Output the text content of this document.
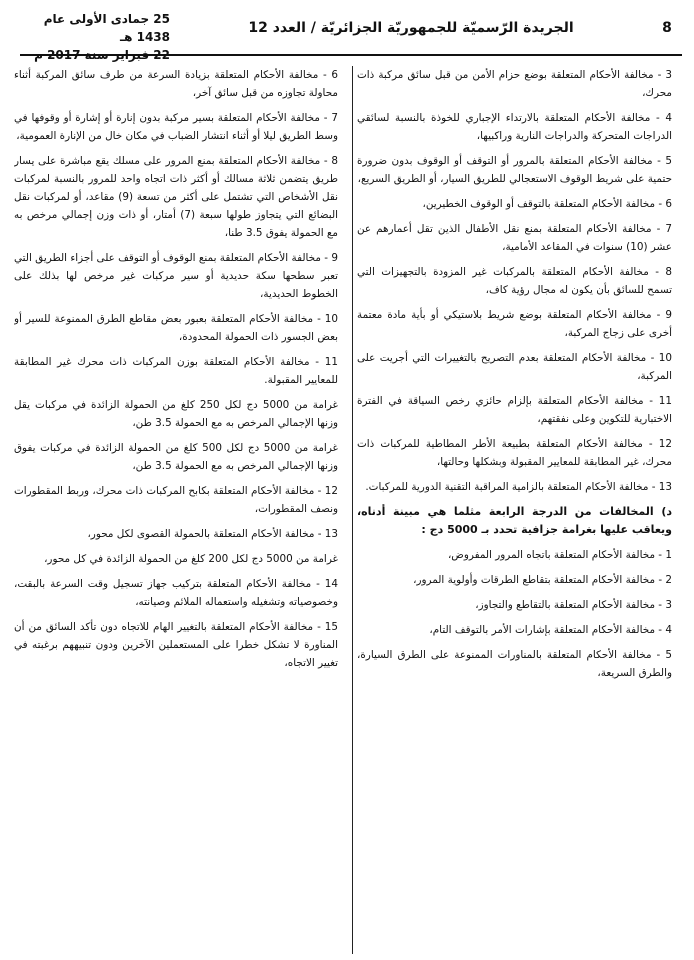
8
الجريدة الرّسميّة للجمهوريّة الجزائريّة / العدد 12
25 جمادى الأولى عام 1438 هـ
22 فبراير سنة 2017 م

3 - مخالفة الأحكام المتعلقة بوضع حزام الأمن من قبل سائق مركبة ذات محرك،

4 - مخالفة الأحكام المتعلقة بالارتداء الإجباري للخوذة بالنسبة لسائقي الدراجات المتحركة والدراجات النارية وراكبيها،

5 - مخالفة الأحكام المتعلقة بالمرور أو التوقف أو الوقوف بدون ضرورة حتمية على شريط الوقوف الاستعجالي للطريق السيار، أو الطريق السريع،

6 - مخالفة الأحكام المتعلقة بالتوقف أو الوقوف الخطيرين،

7 - مخالفة الأحكام المتعلقة بمنع نقل الأطفال الذين تقل أعمارهم عن عشر (10) سنوات في المقاعد الأمامية،

8 - مخالفة الأحكام المتعلقة بالمركبات غير المزودة بالتجهيزات التي تسمح للسائق بأن يكون له مجال رؤية كاف،

9 - مخالفة الأحكام المتعلقة بوضع شريط بلاستيكي أو بأية مادة معتمة أخرى على زجاج المركبة،

10 - مخالفة الأحكام المتعلقة بعدم التصريح بالتغييرات التي أجريت على المركبة،

11 - مخالفة الأحكام المتعلقة بإلزام حائزي رخص السياقة في الفترة الاختبارية للتكوين وعلى نفقتهم،

12 - مخالفة الأحكام المتعلقة بطبيعة الأطر المطاطية للمركبات ذات محرك، غير المطابقة للمعايير المقبولة وبشكلها وحالتها،

13 - مخالفة الأحكام المتعلقة بالزامية المراقبة التقنية الدورية للمركبات.

د) المخالفات من الدرجة الرابعة مثلما هي مبينة أدناه، ويعاقب عليها بغرامة جزافية تحدد بـ 5000 دج :

1 - مخالفة الأحكام المتعلقة باتجاه المرور المفروض،

2 - مخالفة الأحكام المتعلقة بتقاطع الطرقات وأولوية المرور،

3 - مخالفة الأحكام المتعلقة بالتقاطع والتجاوز،

4 - مخالفة الأحكام المتعلقة بإشارات الأمر بالتوقف التام،

5 - مخالفة الأحكام المتعلقة بالمناورات الممنوعة على الطرق السيارة، والطرق السريعة،

6 - مخالفة الأحكام المتعلقة بزيادة السرعة من طرف سائق المركبة أثناء محاولة تجاوزه من قبل سائق آخر،

7 - مخالفة الأحكام المتعلقة بسير مركبة بدون إنارة أو إشارة أو وقوفها في وسط الطريق ليلا أو أثناء انتشار الضباب في مكان خال من الإنارة العمومية،

8 - مخالفة الأحكام المتعلقة بمنع المرور على مسلك يقع مباشرة على يسار طريق يتضمن ثلاثة مسالك أو أكثر ذات اتجاه واحد للمرور بالنسبة لمركبات نقل الأشخاص التي تشتمل على أكثر من تسعة (9) مقاعد، أو لمركبات نقل البضائع التي يتجاوز طولها سبعة (7) أمتار، أو ذات وزن إجمالي مرخص به مع الحمولة يفوق 3.5 طنا،

9 - مخالفة الأحكام المتعلقة بمنع الوقوف أو التوقف على أجزاء الطريق التي تعبر سطحها سكة حديدية أو سير مركبات غير مرخص لها بذلك على الخطوط الحديدية،

10 - مخالفة الأحكام المتعلقة بعبور بعض مقاطع الطرق الممنوعة للسير أو بعض الجسور ذات الحمولة المحدودة،

11 - مخالفة الأحكام المتعلقة بوزن المركبات ذات محرك غير المطابقة للمعايير المقبولة.

غرامة من 5000 دج لكل 250 كلغ من الحمولة الزائدة في مركبات يقل وزنها الإجمالي المرخص به مع الحمولة 3.5 طن،

غرامة من 5000 دج لكل 500 كلغ من الحمولة الزائدة في مركبات يفوق وزنها الإجمالي المرخص به مع الحمولة 3.5 طن،

12 - مخالفة الأحكام المتعلقة بكابح المركبات ذات محرك، وربط المقطورات ونصف المقطورات،

13 - مخالفة الأحكام المتعلقة بالحمولة القصوى لكل محور،

غرامة من 5000 دج لكل 200 كلغ من الحمولة الزائدة في كل محور،

14 - مخالفة الأحكام المتعلقة بتركيب جهاز تسجيل وقت السرعة بالبقت، وخصوصياته وتشغيله واستعماله الملائم وصيانته،

15 - مخالفة الأحكام المتعلقة بالتغيير الهام للاتجاه دون تأكد السائق من أن المناورة لا تشكل خطرا على المستعملين الآخرين ودون تنبيههم برغبته في تغيير الاتجاه،
